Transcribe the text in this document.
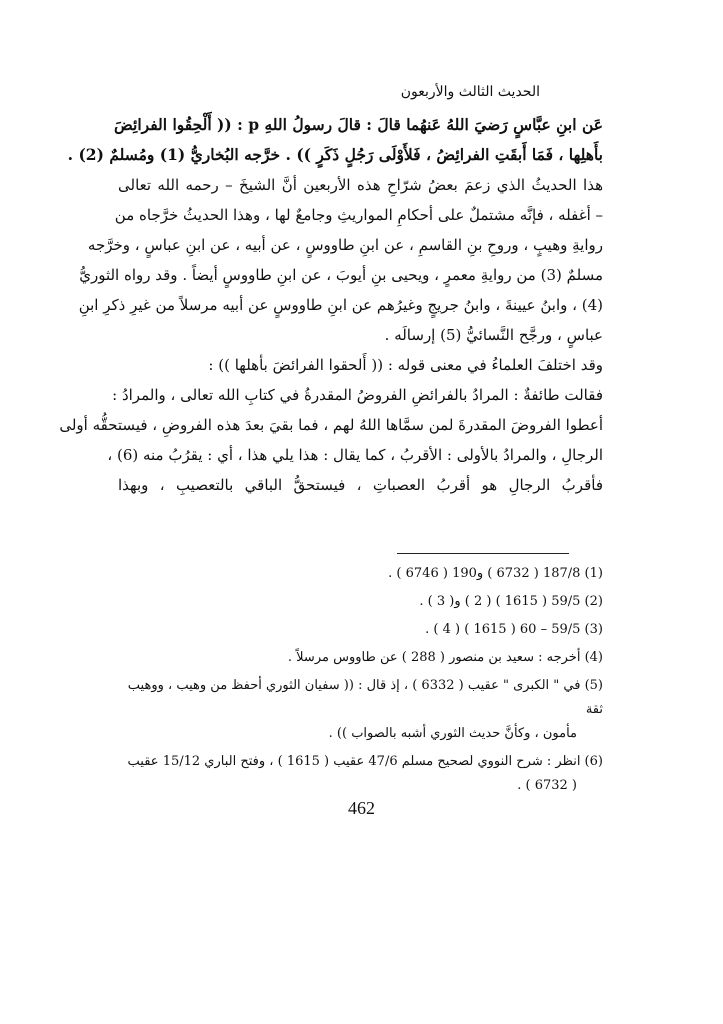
الحديث الثالث والأربعون
عَن ابنِ عبَّاسٍ رَضيَ اللهُ عَنهُما قالَ : قالَ رسولُ اللهِ p : (( أَلْحِقُوا الفرائِضَ
بأَهلِها ، فَمَا أَبقَتِ الفرائِضُ ، فَلأَوْلَى رَجُلٍ ذَكَرٍ )) . خرَّجه البُخاريُّ (1) ومُسلمٌ (2) .
هذا الحديثُ الذي زعمَ بعضُ شرّاحِ هذه الأربعين أنَّ الشيخَ – رحمه الله تعالى
– أغفله ، فإنَّه مشتملٌ على أحكامِ المواريثِ وجامعٌ لها ، وهذا الحديثُ خرَّجاه من
روايةِ وهيبٍ ، وروحِ بنِ القاسمِ ، عن ابنِ طاووسٍ ، عن أبيه ، عن ابنِ عباسٍ ، وخرَّجه
مسلمٌ (3) من روايةِ معمرٍ ، ويحيى بنِ أيوبَ ، عن ابنِ طاووسٍ أيضاً . وقد رواه الثوريُّ
(4) ، وابنُ عيينةَ ، وابنُ جريجٍ وغيرُهم عن ابنِ طاووسٍ عن أبيه مرسلاً من غيرِ ذكرِ ابنِ
عباسٍ ، ورجَّح النَّسائيُّ (5) إرسالَه .
وقد اختلفَ العلماءُ في معنى قوله : (( أَلحقوا الفرائضَ بأهلها )) :
فقالت طائفةٌ : المرادُ بالفرائضِ الفروضُ المقدرةُ في كتابِ الله تعالى ، والمرادُ :
أعطوا الفروضَ المقدرةَ لمن سمَّاها اللهُ لهم ، فما بقيَ بعدَ هذه الفروضِ ، فيستحقُّه أولى
الرجالِ ، والمرادُ بالأولى : الأقربُ ، كما يقال : هذا يلي هذا ، أي : يقرُبُ منه (6) ،
فأقربُ الرجالِ هو أقربُ العصباتِ ، فيستحقُّ الباقي بالتعصيبِ ، وبهذا

(1) 187/8 ( 6732 ) و190 ( 6746 ) .

(2) 59/5 ( 1615 ) ( 2 ) و( 3 ) .

(3) 59/5 – 60 ( 1615 ) ( 4 ) .

(4) أخرجه : سعيد بن منصور ( 288 ) عن طاووس مرسلاً .

(5) في " الكبرى " عقيب ( 6332 ) ، إذ قال : (( سفيان الثوري أحفظ من وهيب ، ووهيب ثقة
مأمون ، وكأنَّ حديث الثوري أشبه بالصواب )) .

(6) انظر : شرح النووي لصحيح مسلم 47/6 عقيب ( 1615 ) ، وفتح الباري 15/12 عقيب
( 6732 ) .

462
